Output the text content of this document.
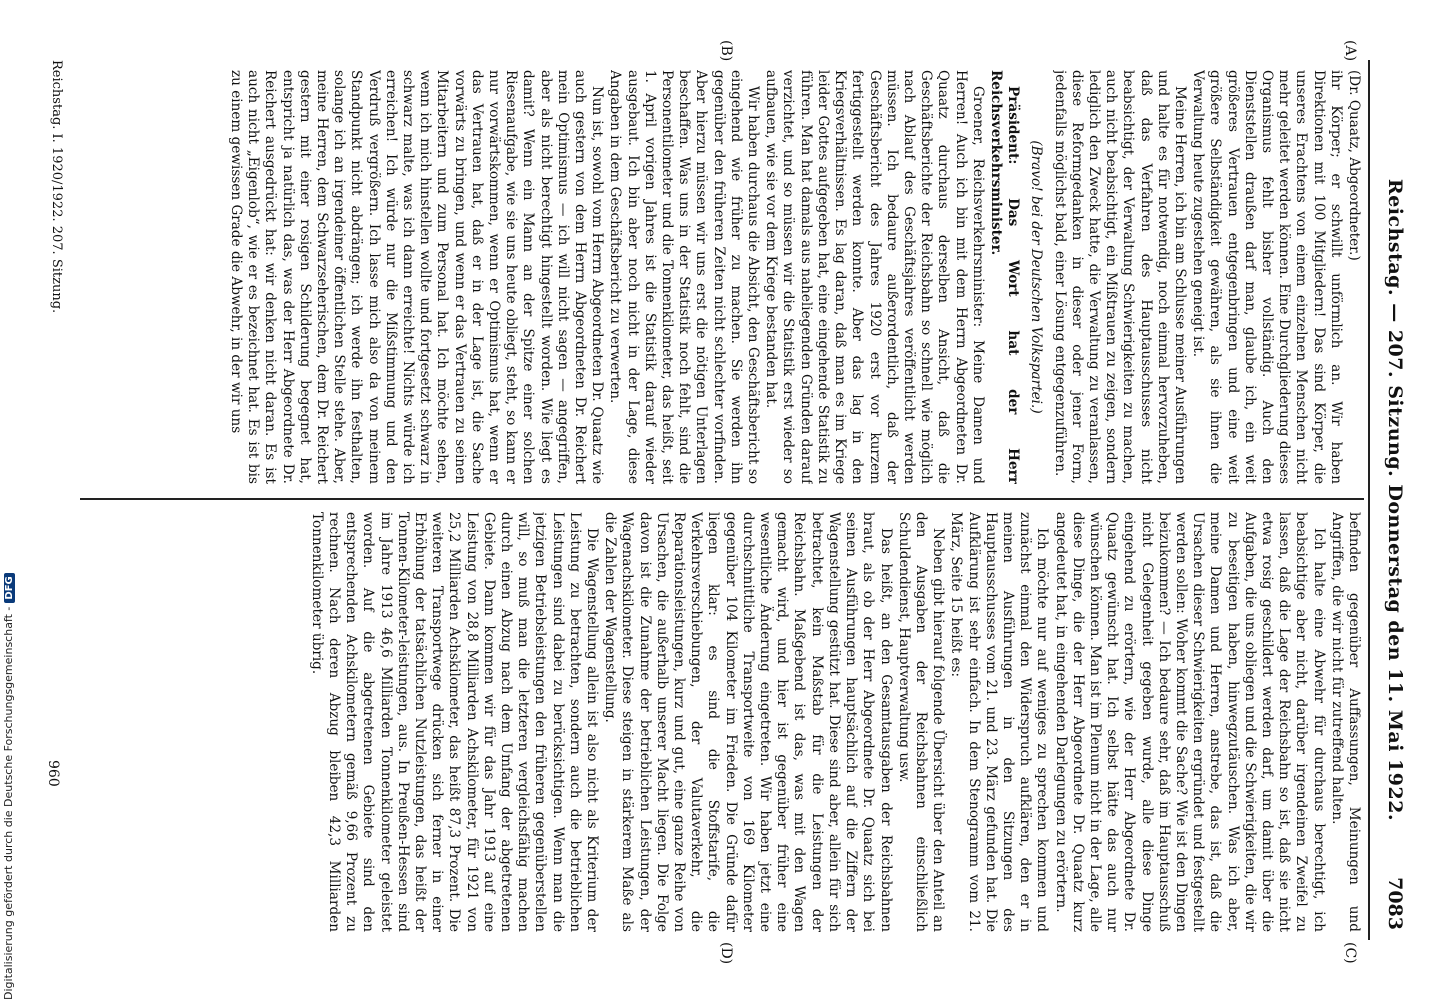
Reichstag. — 207. Sitzung. Donnerstag den 11. Mai 1922.
7083
(A)
(B)
(C)
(D)

(Dr. Quaatz, Abgeordneter.)

ihr Körper; er schwillt unförmlich an. Wir haben Direktionen mit 100 Mitgliedern! Das sind Körper, die unseres Erachtens von einem einzelnen Menschen nicht mehr geleitet werden können. Eine Durchgliederung dieses Organismus fehlt bisher vollständig. Auch den Dienststellen draußen darf man, glaube ich, ein weit größeres Vertrauen entgegenbringen und eine weit größere Selbständigkeit gewähren, als sie ihnen die Verwaltung heute zugestehen geneigt ist.

Meine Herren, ich bin am Schlusse meiner Ausführungen und halte es für notwendig, noch einmal hervorzuheben, daß das Verfahren des Hauptausschusses nicht beabsichtigt, der Verwaltung Schwierigkeiten zu machen, auch nicht beabsichtigt, ein Mißtrauen zu zeigen, sondern lediglich den Zweck hatte, die Verwaltung zu veranlassen, diese Reformgedanken in dieser oder jener Form, jedenfalls möglichst bald, einer Lösung entgegenzuführen.

(Bravo! bei der Deutschen Volkspartei.)

Präsident: Das Wort hat der Herr Reichsverkehrsminister.

Groener, Reichsverkehrsminister: Meine Damen und Herren! Auch ich bin mit dem Herrn Abgeordneten Dr. Quaatz durchaus derselben Ansicht, daß die Geschäftsberichte der Reichsbahn so schnell wie möglich nach Ablauf des Geschäftsjahres veröffentlicht werden müssen. Ich bedaure außerordentlich, daß der Geschäftsbericht des Jahres 1920 erst vor kurzem fertiggestellt werden konnte. Aber das lag in den Kriegsverhältnissen. Es lag daran, daß man es im Kriege leider Gottes aufgegeben hat, eine eingehende Statistik zu führen. Man hat damals aus naheliegenden Gründen darauf verzichtet, und so müssen wir die Statistik erst wieder so aufbauen, wie sie vor dem Kriege bestanden hat.

Wir haben durchaus die Absicht, den Geschäftsbericht so eingehend wie früher zu machen. Sie werden ihn gegenüber den früheren Zeiten nicht schlechter vorfinden. Aber hierzu müssen wir uns erst die nötigen Unterlagen beschaffen. Was uns in der Statistik noch fehlt, sind die Personentilometer und die Tonnenkilometer, das heißt, seit 1. April vorigen Jahres ist die Statistik darauf wieder ausgebaut. Ich bin aber noch nicht in der Lage, diese Angaben in dem Geschäftsbericht zu verwerten.

Nun ist, sowohl vom Herrn Abgeordneten Dr. Quaatz wie auch gestern von dem Herrn Abgeordneten Dr. Reichert mein Optimismus — ich will nicht sagen — angegriffen, aber als nicht berechtigt hingestellt worden. Wie liegt es damit? Wenn ein Mann an der Spitze einer solchen Riesenaufgabe, wie sie uns heute obliegt, steht, so kann er nur vorwärtskommen, wenn er Optimismus hat, wenn er das Vertrauen hat, daß er in der Lage ist, die Sache vorwärts zu bringen, und wenn er das Vertrauen zu seinen Mitarbeitern und zum Personal hat. Ich möchte sehen, wenn ich mich hinstellen wollte und fortgesetzt schwarz in schwarz malte, was ich dann erreichte! Nichts würde ich erreichen! Ich würde nur die Mißstimmung und den Verdruß vergrößern. Ich lasse mich also da von meinem Standpunkt nicht abdrängen; ich werde ihn festhalten, solange ich an irgendeiner öffentlichen Stelle stehe. Aber, meine Herren, dem Schwarzseherischen, dem Dr. Reichert gestern mit einer rosigen Schilderung begegnet hat, entspricht ja natürlich das, was der Herr Abgeordnete Dr. Reichert ausgedrückt hat: wir denken nicht daran. Es ist auch nicht „Eigenlob“, wie er es bezeichnet hat. Es ist bis zu einem gewissen Grade die Abwehr, in der wir uns

befinden gegenüber Auffassungen, Meinungen und Angriffen, die wir nicht für zutreffend halten.

Ich halte eine Abwehr für durchaus berechtigt, ich beabsichtige aber nicht, darüber irgendeinen Zweifel zu lassen, daß die Lage der Reichsbahn so ist, daß sie nicht etwa rosig geschildert werden darf, um damit über die Aufgaben, die uns obliegen und die Schwierigkeiten, die wir zu beseitigen haben, hinwegzutäuschen. Was ich aber, meine Damen und Herren, anstrebe, das ist, daß die Ursachen dieser Schwierigkeiten ergründet und festgestellt werden sollen: Woher kommt die Sache? Wie ist den Dingen beizukommen? — Ich bedaure sehr, daß im Hauptausschuß nicht Gelegenheit gegeben wurde, alle diese Dinge eingehend zu erörtern, wie der Herr Abgeordnete Dr. Quaatz gewünscht hat. Ich selbst hätte das auch nur wünschen können. Man ist im Plenum nicht in der Lage, alle diese Dinge, die der Herr Abgeordnete Dr. Quaatz kurz angedeutet hat, in eingehenden Darlegungen zu erörtern.

Ich möchte nur auf weniges zu sprechen kommen und zunächst einmal den Widerspruch aufklären, den er in meinen Ausführungen in den Sitzungen des Hauptausschusses vom 21. und 23. März gefunden hat. Die Aufklärung ist sehr einfach. In dem Stenogramm vom 21. März, Seite 15 heißt es:

Neben gibt hierauf folgende Übersicht über den Anteil an den Ausgaben der Reichsbahnen einschließlich Schuldendienst, Hauptverwaltung usw.

Das heißt, an den Gesamtausgaben der Reichsbahnen braut, als ob der Herr Abgeordnete Dr. Quaatz sich bei seinen Ausführungen hauptsächlich auf die Ziffern der Wagenstellung gestützt hat. Diese sind aber, allein für sich betrachtet, kein Maßstab für die Leistungen der Reichsbahn. Maßgebend ist das, was mit den Wagen gemacht wird, und hier ist gegenüber früher eine wesentliche Änderung eingetreten. Wir haben jetzt eine durchschnittliche Transportweite von 169 Kilometer gegenüber 104 Kilometer im Frieden. Die Gründe dafür liegen klar: es sind die Stoffstarife, die Verkehrsverschiebungen, der Valutaverkehr, die Reparationsleistungen, kurz und gut, eine ganze Reihe von Ursachen, die außerhalb unserer Macht liegen. Die Folge davon ist die Zunahme der betrieblichen Leistungen, der Wagenachskilometer. Diese steigen in stärkerem Maße als die Zahlen der Wagenstellung.

Die Wagenstellung allein ist also nicht als Kriterium der Leistung zu betrachten, sondern auch die betrieblichen Leistungen sind dabei zu berücksichtigen. Wenn man die jetzigen Betriebsleistungen den früheren gegenüberstellen will, so muß man die letzteren vergleichsfähig machen durch einen Abzug nach dem Umfang der abgetretenen Gebiete. Dann kommen wir für das Jahr 1913 auf eine Leistung von 28,8 Milliarden Achskilometer, für 1921 von 25,2 Milliarden Achskilometer, das heißt 87,3 Prozent. Die weiteren Transportwege drücken sich ferner in einer Erhöhung der tatsächlichen Nutzleistungen, das heißt der Tonnen-Kilometer-leistungen, aus. In Preußen-Hessen sind im Jahre 1913 46,6 Milliarden Tonnenkilometer geleistet worden. Auf die abgetretenen Gebiete sind den entsprechenden Achskilometern gemäß 9,66 Prozent zu rechnen. Nach deren Abzug bleiben 42,3 Milliarden Tonnenkilometer übrig.

Reichstag. I. 1920/1922. 207. Sitzung.
960
Digitalisierung gefördert durch die Deutsche Forschungsgemeinschaft -DFG
